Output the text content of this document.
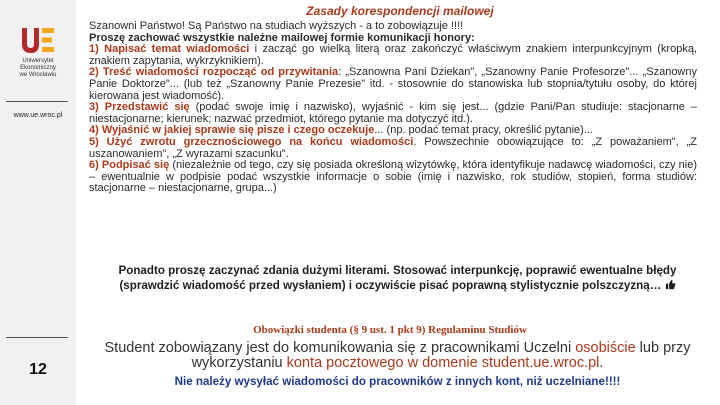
Uniwersytet
Ekonomiczny
we Wrocławiu
www.ue.wroc.pl
12
Zasady korespondencji mailowej

Szanowni Państwo! Są Państwo na studiach wyższych - a to zobowiązuje !!!!

Proszę zachować wszystkie należne mailowej formie komunikacji honory:

1) Napisać temat wiadomości i zacząć go wielką literą oraz zakończyć właściwym znakiem interpunkcyjnym (kropką, znakiem zapytania, wykrzyknikiem).

2) Treść wiadomości rozpocząć od przywitania: „Szanowna Pani Dziekan", „Szanowny Panie Profesorze"... „Szanowny Panie Doktorze"... (lub też „Szanowny Panie Prezesie" itd. - stosownie do stanowiska lub stopnia/tytułu osoby, do której kierowana jest wiadomość).

3) Przedstawić się (podać swoje imię i nazwisko), wyjaśnić - kim się jest... (gdzie Pani/Pan studiuje: stacjonarne – niestacjonarne; kierunek; nazwać przedmiot, którego pytanie ma dotyczyć itd.).

4) Wyjaśnić w jakiej sprawie się pisze i czego oczekuje... (np. podać temat pracy, określić pytanie)...

5) Użyć zwrotu grzecznościowego na końcu wiadomości. Powszechnie obowiązujące to: „Z poważaniem", „Z uszanowaniem", „Z wyrazami szacunku".

6) Podpisać się (niezależnie od tego, czy się posiada określoną wizytówkę, która identyfikuje nadawcę wiadomości, czy nie) – ewentualnie w podpisie podać wszystkie informacje o sobie (imię i nazwisko, rok studiów, stopień, forma studiów: stacjonarne – niestacjonarne, grupa...)

Ponadto proszę zaczynać zdania dużymi literami. Stosować interpunkcję, poprawić ewentualne błędy (sprawdzić wiadomość przed wysłaniem) i oczywiście pisać poprawną stylistycznie polszczyzną…
Obowiązki studenta (§ 9 ust. 1 pkt 9) Regulaminu Studiów
Student zobowiązany jest do komunikowania się z pracownikami Uczelni osobiście lub przy wykorzystaniu konta pocztowego w domenie student.ue.wroc.pl.
Nie należy wysyłać wiadomości do pracowników z innych kont, niż uczelniane!!!!
